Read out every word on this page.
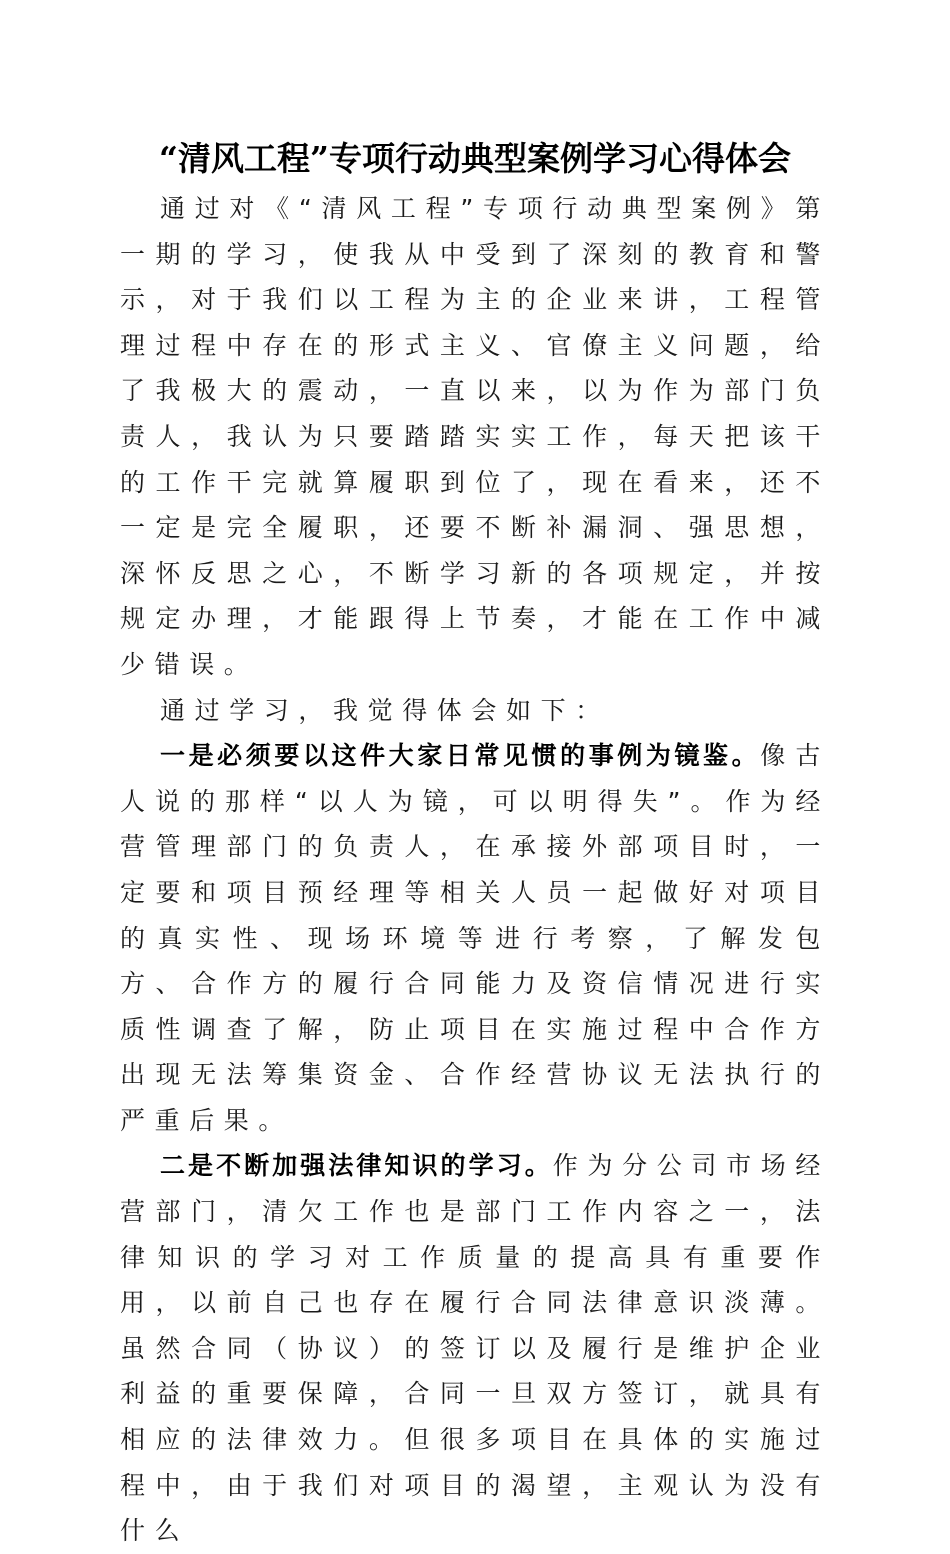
“清风工程”专项行动典型案例学习心得体会

通过对《“清风工程”专项行动典型案例》第一期的学习，使我从中受到了深刻的教育和警示，对于我们以工程为主的企业来讲，工程管理过程中存在的形式主义、官僚主义问题，给了我极大的震动，一直以来，以为作为部门负责人，我认为只要踏踏实实工作，每天把该干的工作干完就算履职到位了，现在看来，还不一定是完全履职，还要不断补漏洞、强思想，深怀反思之心，不断学习新的各项规定，并按规定办理，才能跟得上节奏，才能在工作中减少错误。

通过学习，我觉得体会如下：

一是必须要以这件大家日常见惯的事例为镜鉴。像古人说的那样“以人为镜，可以明得失”。作为经营管理部门的负责人，在承接外部项目时，一定要和项目预经理等相关人员一起做好对项目的真实性、现场环境等进行考察，了解发包方、合作方的履行合同能力及资信情况进行实质性调查了解，防止项目在实施过程中合作方出现无法筹集资金、合作经营协议无法执行的严重后果。

二是不断加强法律知识的学习。作为分公司市场经营部门，清欠工作也是部门工作内容之一，法律知识的学习对工作质量的提高具有重要作用，以前自己也存在履行合同法律意识淡薄。虽然合同（协议）的签订以及履行是维护企业利益的重要保障，合同一旦双方签订，就具有相应的法律效力。但很多项目在具体的实施过程中，由于我们对项目的渴望，主观认为没有什么
